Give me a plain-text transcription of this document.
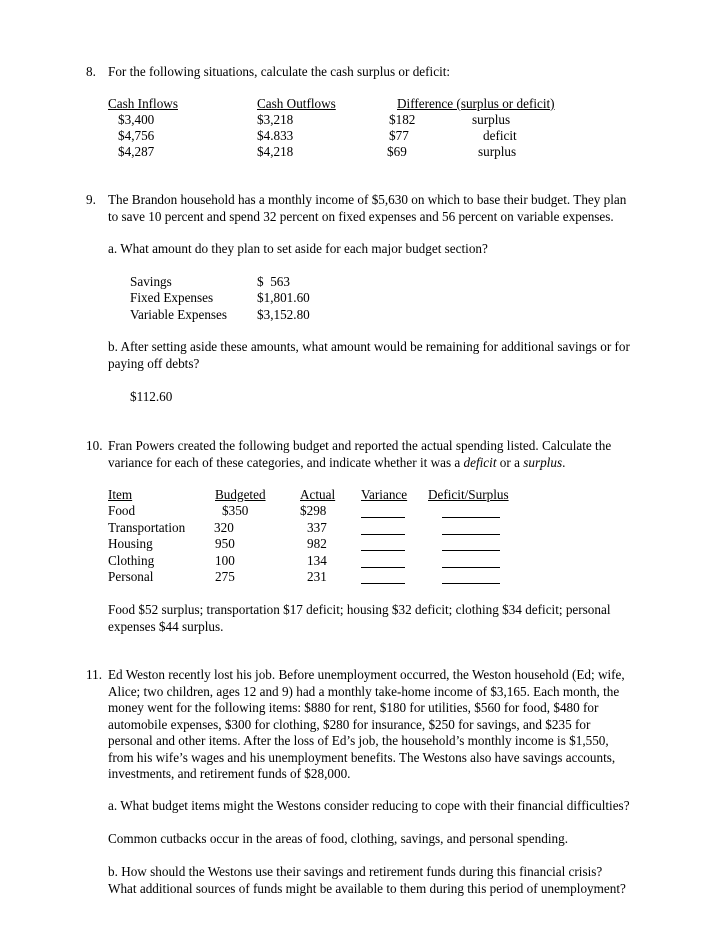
8. For the following situations, calculate the cash surplus or deficit:
Cash Inflows	Cash Outflows	Difference (surplus or deficit)
$3,400	$3,218	$182	surplus
$4,756	$4.833	$77	deficit
$4,287	$4,218	$69	surplus
9. The Brandon household has a monthly income of $5,630 on which to base their budget. They plan
to save 10 percent and spend 32 percent on fixed expenses and 56 percent on variable expenses.
a. What amount do they plan to set aside for each major budget section?
Savings	$  563
Fixed Expenses	$1,801.60
Variable Expenses $3,152.80
b. After setting aside these amounts, what amount would be remaining for additional savings or for
paying off debts?
$112.60
10. Fran Powers created the following budget and reported the actual spending listed. Calculate the
variance for each of these categories, and indicate whether it was a deficit or a surplus.
Item	Budgeted	Actual Variance Deficit/Surplus
Food	$350	$298
Transportation 320	337
Housing	950	982
Clothing	100	134
Personal	275	231
Food $52 surplus; transportation $17 deficit; housing $32 deficit; clothing $34 deficit; personal
expenses $44 surplus.
11. Ed Weston recently lost his job. Before unemployment occurred, the Weston household (Ed; wife,
Alice; two children, ages 12 and 9) had a monthly take-home income of $3,165. Each month, the
money went for the following items: $880 for rent, $180 for utilities, $560 for food, $480 for
automobile expenses, $300 for clothing, $280 for insurance, $250 for savings, and $235 for
personal and other items. After the loss of Ed’s job, the household’s monthly income is $1,550,
from his wife’s wages and his unemployment benefits. The Westons also have savings accounts,
investments, and retirement funds of $28,000.
a. What budget items might the Westons consider reducing to cope with their financial difficulties?
Common cutbacks occur in the areas of food, clothing, savings, and personal spending.
b. How should the Westons use their savings and retirement funds during this financial crisis?
What additional sources of funds might be available to them during this period of unemployment?
